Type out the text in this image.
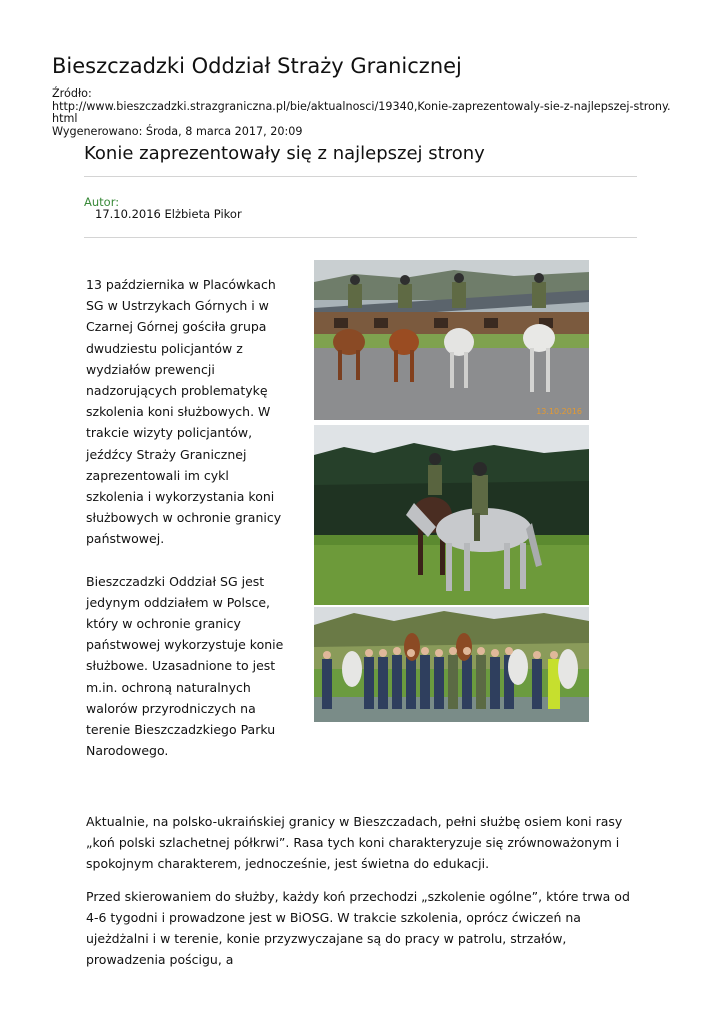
Bieszczadzki Oddział Straży Granicznej
Źródło:
http://www.bieszczadzki.strazgraniczna.pl/bie/aktualnosci/19340,Konie-zaprezentowaly-sie-z-najlepszej-strony.html
Wygenerowano: Środa, 8 marca 2017, 20:09
Konie zaprezentowały się z najlepszej strony
Autor:
17.10.2016 Elżbieta Pikor

13 października w Placówkach SG w Ustrzykach Górnych i w Czarnej Górnej gościła grupa dwudziestu policjantów z wydziałów prewencji nadzorujących problematykę szkolenia koni służbowych. W trakcie wizyty policjantów, jeźdźcy Straży Granicznej zaprezentowali im cykl szkolenia i wykorzystania koni służbowych w ochronie granicy państwowej.

Bieszczadzki Oddział SG jest jedynym oddziałem w Polsce, który w ochronie granicy państwowej wykorzystuje konie służbowe. Uzasadnione to jest m.in. ochroną naturalnych walorów przyrodniczych na terenie Bieszczadzkiego Parku Narodowego.

13.10.2016

Aktualnie, na polsko-ukraińskiej granicy w Bieszczadach, pełni służbę osiem koni rasy „koń polski szlachetnej półkrwi”. Rasa tych koni charakteryzuje się zrównoważonym i spokojnym charakterem, jednocześnie, jest świetna do edukacji.

Przed skierowaniem do służby, każdy koń przechodzi „szkolenie ogólne”, które trwa od 4-6 tygodni i prowadzone jest w BiOSG. W trakcie szkolenia, oprócz ćwiczeń na ujeżdżalni i w terenie, konie przyzwyczajane są do pracy w patrolu, strzałów, prowadzenia pościgu, a
